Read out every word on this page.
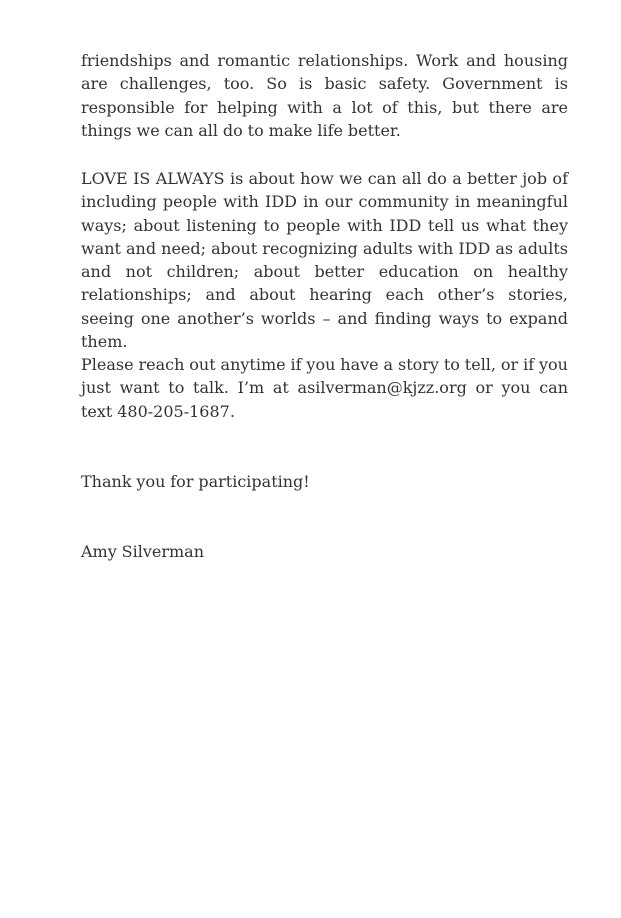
friendships and romantic relationships. Work and housing are challenges, too. So is basic safety. Government is responsible for helping with a lot of this, but there are things we can all do to make life better.

LOVE IS ALWAYS is about how we can all do a better job of including people with IDD in our community in meaningful ways; about listening to people with IDD tell us what they want and need; about recognizing adults with IDD as adults and not children; about better education on healthy relationships; and about hearing each other’s stories, seeing one another’s worlds – and finding ways to expand them.

Please reach out anytime if you have a story to tell, or if you just want to talk. I’m at asilverman@kjzz.org or you can text 480-205-1687.

Thank you for participating!

Amy Silverman
